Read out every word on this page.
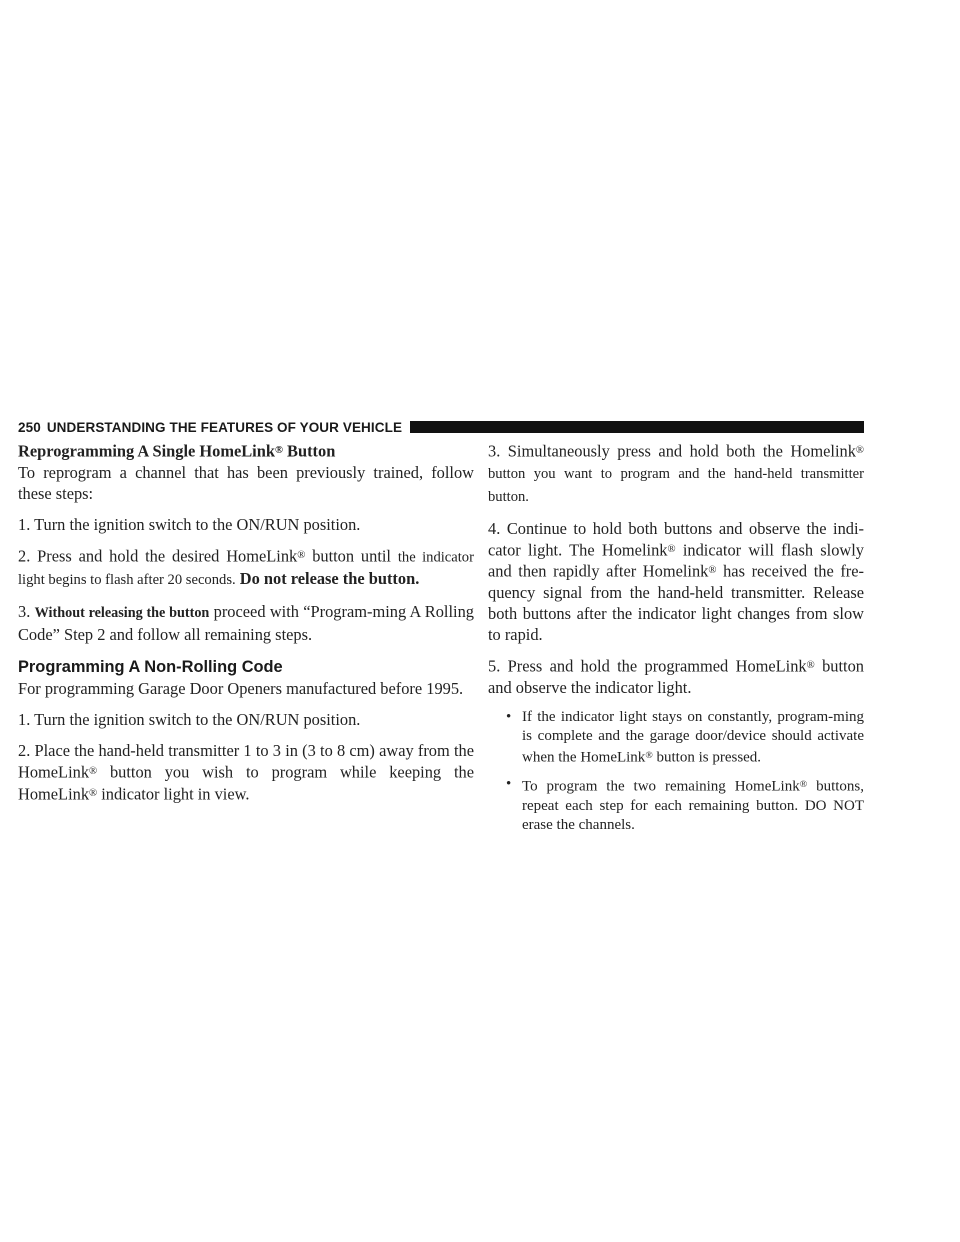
250 UNDERSTANDING THE FEATURES OF YOUR VEHICLE
Reprogramming A Single HomeLink® Button

To reprogram a channel that has been previously trained, follow these steps:

1. Turn the ignition switch to the ON/RUN position.

2. Press and hold the desired HomeLink® button until the indicator light begins to flash after 20 seconds. Do not release the button.

3. Without releasing the button proceed with “Program-ming A Rolling Code” Step 2 and follow all remaining steps.

Programming A Non-Rolling Code

For programming Garage Door Openers manufactured before 1995.

1. Turn the ignition switch to the ON/RUN position.

2. Place the hand-held transmitter 1 to 3 in (3 to 8 cm) away from the HomeLink® button you wish to program while keeping the HomeLink® indicator light in view.

3. Simultaneously press and hold both the Homelink® button you want to program and the hand-held transmitter button.

4. Continue to hold both buttons and observe the indi-cator light. The Homelink® indicator will flash slowly and then rapidly after Homelink® has received the fre-quency signal from the hand-held transmitter. Release both buttons after the indicator light changes from slow to rapid.

5. Press and hold the programmed HomeLink® button and observe the indicator light.

• If the indicator light stays on constantly, program-ming is complete and the garage door/device should activate when the HomeLink® button is pressed.
• To program the two remaining HomeLink® buttons, repeat each step for each remaining button. DO NOT erase the channels.
